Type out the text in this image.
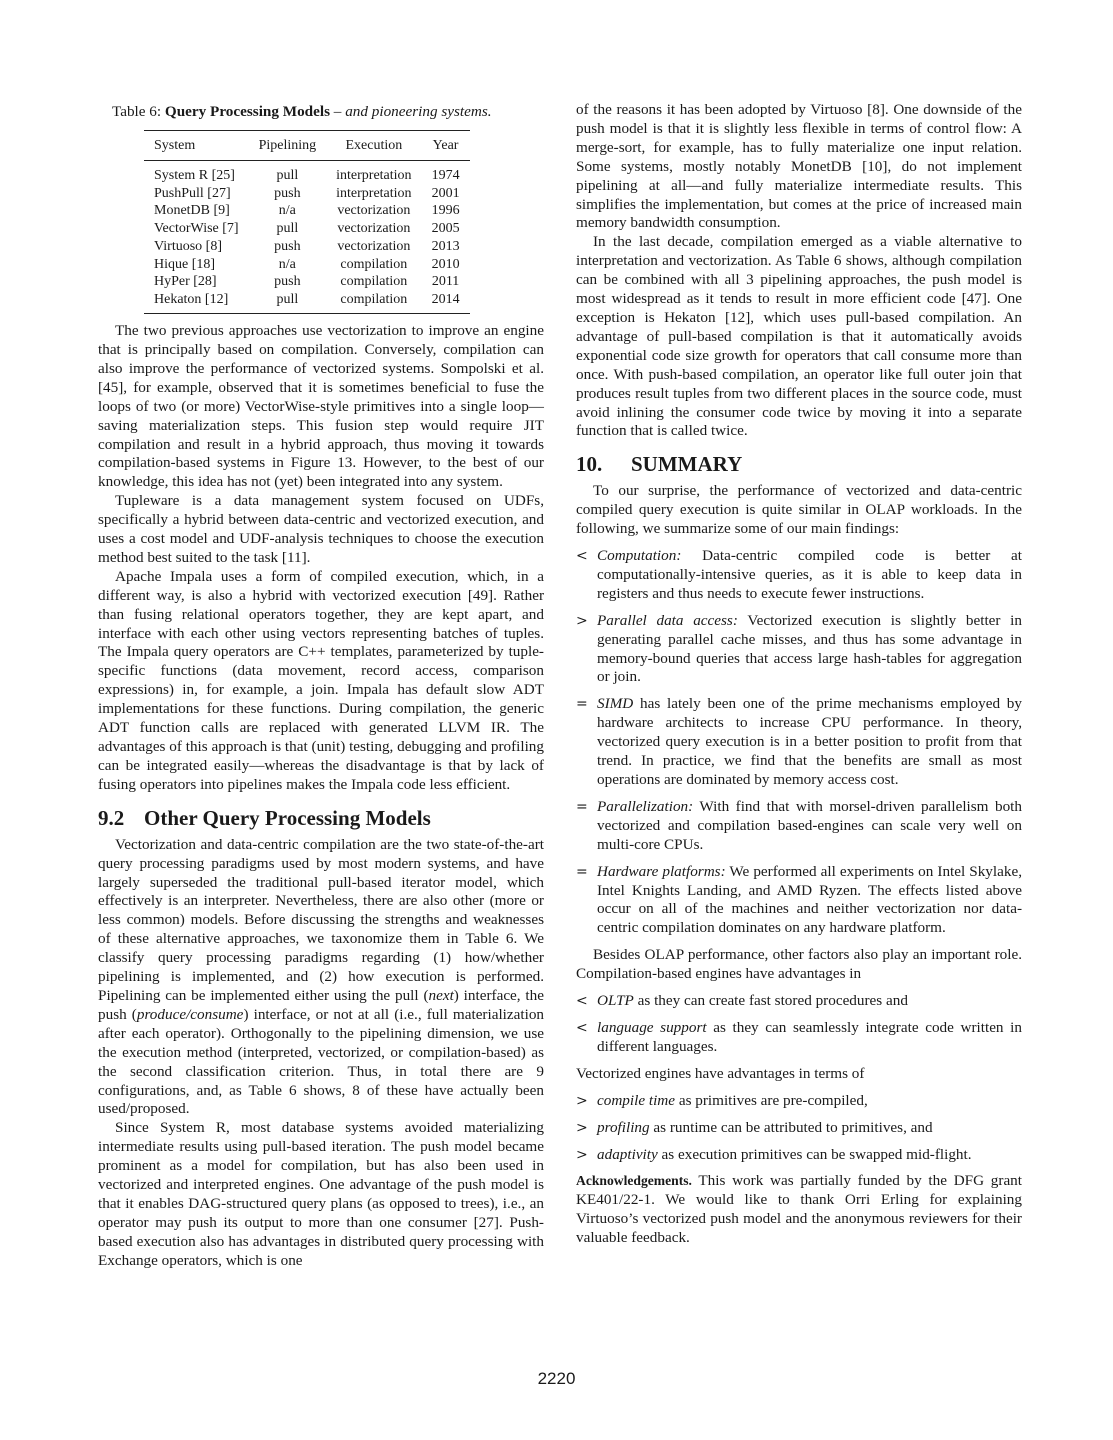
Table 6: Query Processing Models – and pioneering systems.
System	Pipelining	Execution	Year
System R [25]	pull	interpretation	1974
PushPull [27]	push	interpretation	2001
MonetDB [9]	n/a	vectorization	1996
VectorWise [7]	pull	vectorization	2005
Virtuoso [8]	push	vectorization	2013
Hique [18]	n/a	compilation	2010
HyPer [28]	push	compilation	2011
Hekaton [12]	pull	compilation	2014

The two previous approaches use vectorization to improve an engine that is principally based on compilation. Conversely, compilation can also improve the performance of vectorized systems. Sompolski et al. [45], for example, observed that it is sometimes beneficial to fuse the loops of two (or more) VectorWise-style primitives into a single loop—saving materialization steps. This fusion step would require JIT compilation and result in a hybrid approach, thus moving it towards compilation-based systems in Figure 13. However, to the best of our knowledge, this idea has not (yet) been integrated into any system.

Tupleware is a data management system focused on UDFs, specifically a hybrid between data-centric and vectorized execution, and uses a cost model and UDF-analysis techniques to choose the execution method best suited to the task [11].

Apache Impala uses a form of compiled execution, which, in a different way, is also a hybrid with vectorized execution [49]. Rather than fusing relational operators together, they are kept apart, and interface with each other using vectors representing batches of tuples. The Impala query operators are C++ templates, parameterized by tuple-specific functions (data movement, record access, comparison expressions) in, for example, a join. Impala has default slow ADT implementations for these functions. During compilation, the generic ADT function calls are replaced with generated LLVM IR. The advantages of this approach is that (unit) testing, debugging and profiling can be integrated easily—whereas the disadvantage is that by lack of fusing operators into pipelines makes the Impala code less efficient.

9.2 Other Query Processing Models

Vectorization and data-centric compilation are the two state-of-the-art query processing paradigms used by most modern systems, and have largely superseded the traditional pull-based iterator model, which effectively is an interpreter. Nevertheless, there are also other (more or less common) models. Before discussing the strengths and weaknesses of these alternative approaches, we taxonomize them in Table 6. We classify query processing paradigms regarding (1) how/whether pipelining is implemented, and (2) how execution is performed. Pipelining can be implemented either using the pull (next) interface, the push (produce/consume) interface, or not at all (i.e., full materialization after each operator). Orthogonally to the pipelining dimension, we use the execution method (interpreted, vectorized, or compilation-based) as the second classification criterion. Thus, in total there are 9 configurations, and, as Table 6 shows, 8 of these have actually been used/proposed.

Since System R, most database systems avoided materializing intermediate results using pull-based iteration. The push model became prominent as a model for compilation, but has also been used in vectorized and interpreted engines. One advantage of the push model is that it enables DAG-structured query plans (as opposed to trees), i.e., an operator may push its output to more than one consumer [27]. Push-based execution also has advantages in distributed query processing with Exchange operators, which is one

of the reasons it has been adopted by Virtuoso [8]. One downside of the push model is that it is slightly less flexible in terms of control flow: A merge-sort, for example, has to fully materialize one input relation. Some systems, mostly notably MonetDB [10], do not implement pipelining at all—and fully materialize intermediate results. This simplifies the implementation, but comes at the price of increased main memory bandwidth consumption.

In the last decade, compilation emerged as a viable alternative to interpretation and vectorization. As Table 6 shows, although compilation can be combined with all 3 pipelining approaches, the push model is most widespread as it tends to result in more efficient code [47]. One exception is Hekaton [12], which uses pull-based compilation. An advantage of pull-based compilation is that it automatically avoids exponential code size growth for operators that call consume more than once. With push-based compilation, an operator like full outer join that produces result tuples from two different places in the source code, must avoid inlining the consumer code twice by moving it into a separate function that is called twice.

10. SUMMARY

To our surprise, the performance of vectorized and data-centric compiled query execution is quite similar in OLAP workloads. In the following, we summarize some of our main findings:

< Computation: Data-centric compiled code is better at computationally-intensive queries, as it is able to keep data in registers and thus needs to execute fewer instructions.
> Parallel data access: Vectorized execution is slightly better in generating parallel cache misses, and thus has some advantage in memory-bound queries that access large hash-tables for aggregation or join.
= SIMD has lately been one of the prime mechanisms employed by hardware architects to increase CPU performance. In theory, vectorized query execution is in a better position to profit from that trend. In practice, we find that the benefits are small as most operations are dominated by memory access cost.
= Parallelization: With find that with morsel-driven parallelism both vectorized and compilation based-engines can scale very well on multi-core CPUs.
= Hardware platforms: We performed all experiments on Intel Skylake, Intel Knights Landing, and AMD Ryzen. The effects listed above occur on all of the machines and neither vectorization nor data-centric compilation dominates on any hardware platform.

Besides OLAP performance, other factors also play an important role. Compilation-based engines have advantages in

< OLTP as they can create fast stored procedures and
< language support as they can seamlessly integrate code written in different languages.

Vectorized engines have advantages in terms of

> compile time as primitives are pre-compiled,
> profiling as runtime can be attributed to primitives, and
> adaptivity as execution primitives can be swapped mid-flight.

Acknowledgements. This work was partially funded by the DFG grant KE401/22-1. We would like to thank Orri Erling for explaining Virtuoso’s vectorized push model and the anonymous reviewers for their valuable feedback.

2220
